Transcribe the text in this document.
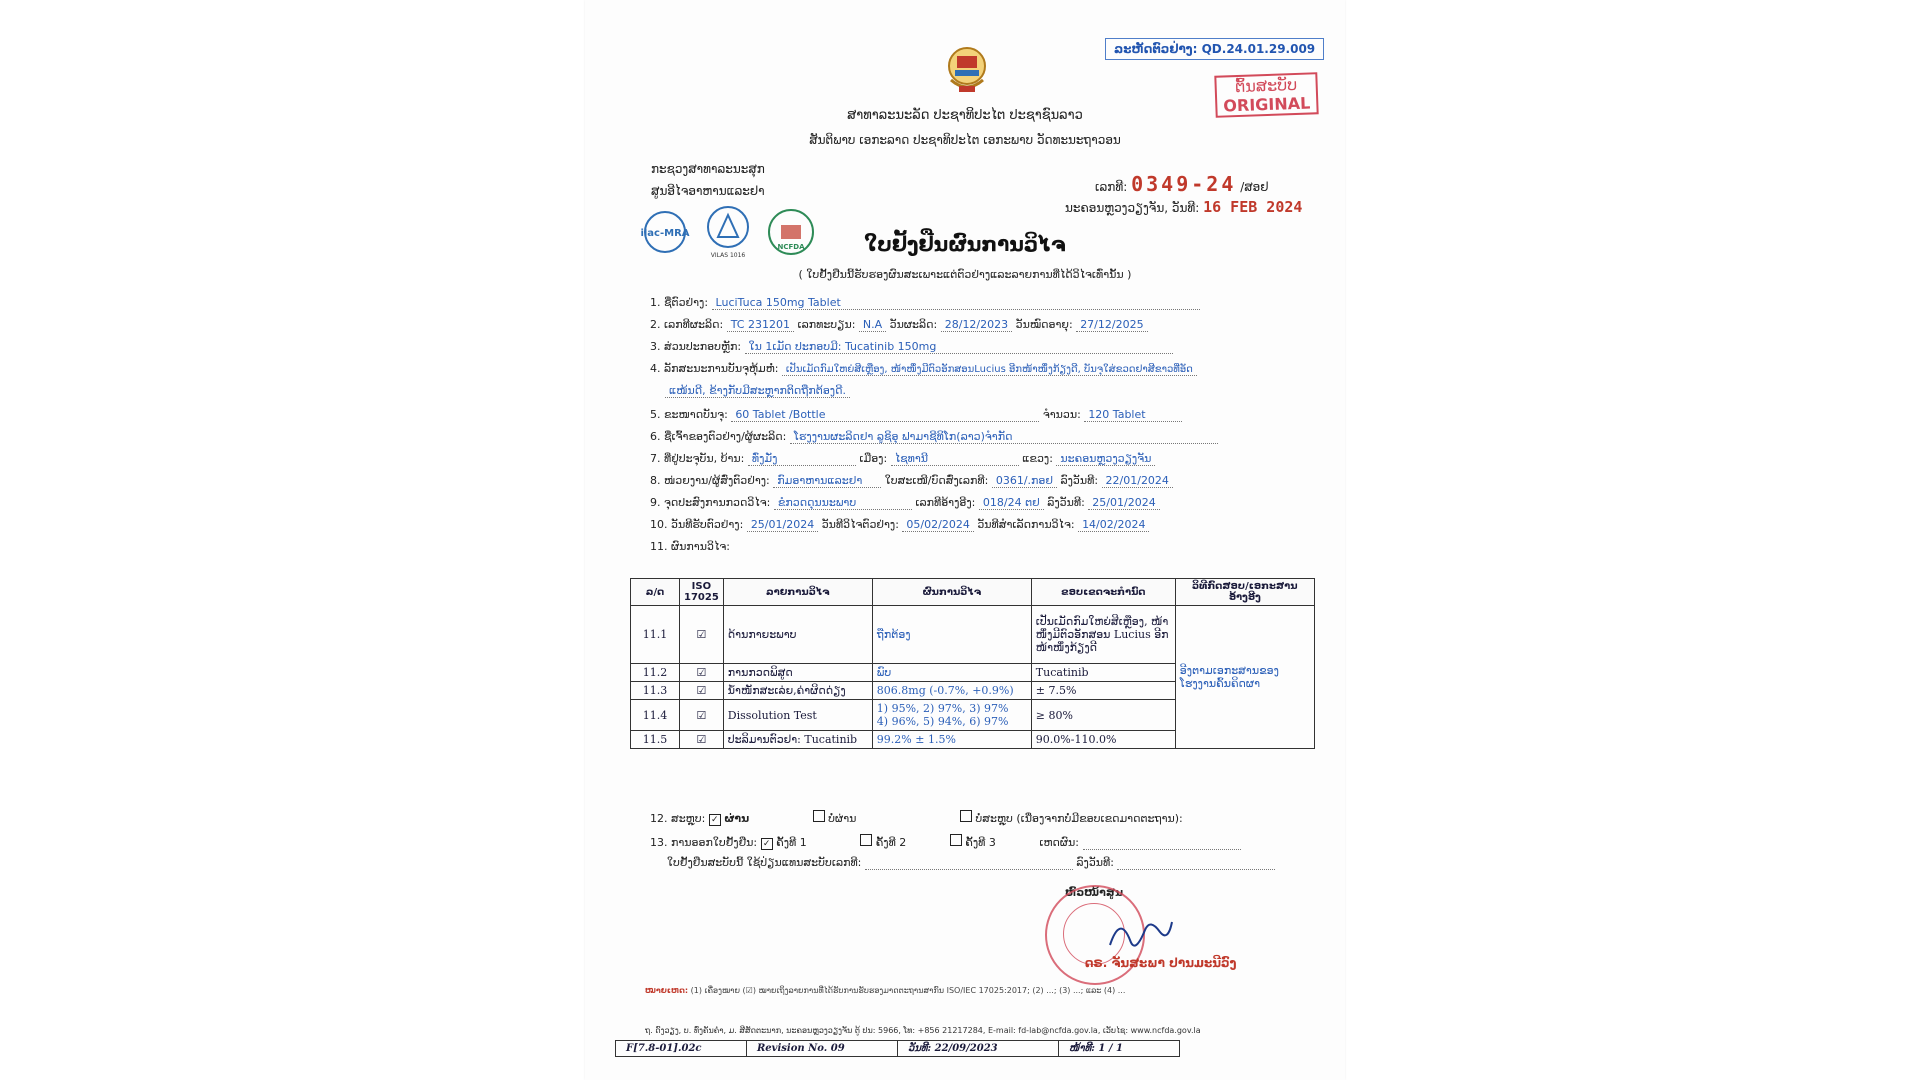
ລະຫັດຕົວຢ່າງ: QD.24.01.29.009
ຕົ້ນສະບັບ
ORIGINAL
ສາທາລະນະລັດ ປະຊາທິປະໄຕ ປະຊາຊົນລາວ
ສັນຕິພາບ ເອກະລາດ ປະຊາທິປະໄຕ ເອກະພາບ ວັດທະນະຖາວອນ
ກະຊວງສາທາລະນະສຸກ
ສູນອີໄຈອາຫານແລະຢາ	ເລກທີ: 0349-24 /ສອຢ
ນະຄອນຫຼວງວຽງຈັນ, ວັນທີ: 16 FEB 2024
ilac-MRA

VILAS 1016

NCFDA	ໃບຢັ້ງຢືນຜົນການວິໄຈ
( ໃບຢັ້ງຢືນນີ້ຮັບຮອງຜົນສະເພາະແຕ່ຕົວຢ່າງແລະລາຍການທີ່ໄດ້ວິໄຈເທົ່ານັ້ນ )
1. ຊື່ຕົວຢ່າງ: LuciTuca 150mg Tablet
2. ເລກທີຜະລິດ: TC 231201 ເລກທະບຽນ: N.A ວັນຜະລິດ: 28/12/2023 ວັນໝົດອາຍຸ: 27/12/2025
3. ສ່ວນປະກອບຫຼັກ: ໃນ 1ເມັດ ປະກອບມີ: Tucatinib 150mg
4. ລັກສະນະການບັນຈຸຫຸ້ມຫໍ່: ເປັນເມັດກົມໃຫຍ່ສີເຫຼືອງ, ໜ້າໜຶ່ງມີຕົວອັກສອນLucius ອີກໜ້າໜຶ່ງກ້ຽງດີ, ບັນຈຸໃສ່ຂວດຢາສີຂາວທີ່ອັດ
ແໜ້ນດີ, ຂ້າງກັບມີສະຫຼາກຕິດຖືກຕ້ອງດີ.
5. ຂະໜາດບັນຈຸ: 60 Tablet /Bottle	ຈຳນວນ: 120 Tablet
6. ຊື່ເຈົ້າຂອງຕົວຢ່າງ/ຜູ້ຜະລິດ: ໂຮງງານຜະລິດຢາ ລູຊິອຸ ຟາມາຊີທິໂກ(ລາວ)ຈຳກັດ
7. ທີ່ຢູ່ປະຈຸບັນ, ບ້ານ: ທົ່ງມັ່ງ	ເມືອງ: ໄຊທານີ	ແຂວງ: ນະຄອນຫຼວງວຽງຈັນ
8. ໜ່ວຍງານ/ຜູ້ສົ່ງຕົວຢ່າງ: ກົມອາຫານແລະຢາ ໃບສະເໜີ/ບົດສົ່ງເລກທີ: 0361/.ກອຢ ລົງວັນທີ: 22/01/2024
9. ຈຸດປະສົງການກວດວິໄຈ: ຂໍກວດດຸນນະພາບ	ເລກທີອ້າງອີງ: 018/24 ຕຢ ລົງວັນທີ: 25/01/2024
10. ວັນທີຮັບຕົວຢ່າງ: 25/01/2024 ວັນທີວິໄຈຕົວຢ່າງ: 05/02/2024 ວັນທີສຳເລັດການວິໄຈ: 14/02/2024
11. ຜົນການວິໄຈ:
ລ/ດ	ISO 17025	ລາຍການວິໄຈ	ຜົນການວິໄຈ	ຂອບເຂດຈະກຳນົດ	ວິທີກົດສອບ/ເອກະສານອ້າງອີງ
11.1	☑	ດ້ານກາຍະພາບ	ຖືກຕ້ອງ	ເປັນເມັດກົມໃຫຍ່ສີເຫຼືອງ, ໜ້າໜຶ່ງມີຕົວອັກສອນ Lucius ອີກໜ້າໜຶ່ງກ້ຽງດີ	ອີງຕາມເອກະສານຂອງ ໂຮງງານຄົ້ນຄິດຜາ
11.2	☑	ການກວດພິສູດ	ພົບ	Tucatinib	
11.3	☑	ນ້ຳໜັກສະເລ່ຍ,ຄ່າຜິດດ່ຽງ	806.8mg (-0.7%, +0.9%)	± 7.5%	
11.4	☑	Dissolution Test	1) 95%, 2) 97%, 3) 97%
4) 96%, 5) 94%, 6) 97%	≥ 80%	
11.5	☑	ປະລິມານຕົວຢາ: Tucatinib	99.2% ± 1.5%	90.0%-110.0%	
12. ສະຫຼຸບ: ✓ ຜ່ານ	ບໍ່ຜ່ານ	ບໍ່ສະຫຼຸບ (ເນື່ອງຈາກບໍ່ມີຂອບເຂດມາດຕະຖານ):
13. ການອອກໃບຢັ້ງຢືນ: ✓ ຄັ້ງທີ 1	ຄັ້ງທີ 2	ຄັ້ງທີ 3	ເຫດຜົນ:
ໃບຢັ້ງຢືນສະບັບນີ້ ໃຊ້ປ່ຽນແທນສະບັບເລກທີ:	ລົງວັນທີ:
ຫົວໜ້າສູນ
ດຣ. ຈັນສະພາ ປານມະນີວົງ
ໝາຍເຫດ: (1) ເຄື່ອງໝາຍ (☑) ໝາຍເຖິງລາຍການທີ່ໄດ້ຮັບການຮັບຮອງມາດຕະຖານສາກົນ ISO/IEC 17025:2017; (2) ...; (3) ...; ແລະ (4) ...
ຖ. ດົງວຽງ, ບ. ທົ່ງຄັນຄຳ, ມ. ສີສັດຕະນາກ, ນະຄອນຫຼວງວຽງຈັນ ຕູ້ ປນ: 5966, ໂທ: +856 21217284, E-mail: fd-lab@ncfda.gov.la, ເວັບໄຊ: www.ncfda.gov.la
F[7.8-01].02c	Revision No. 09	ວັນທີ: 22/09/2023	ໜ້າທີ: 1 / 1
